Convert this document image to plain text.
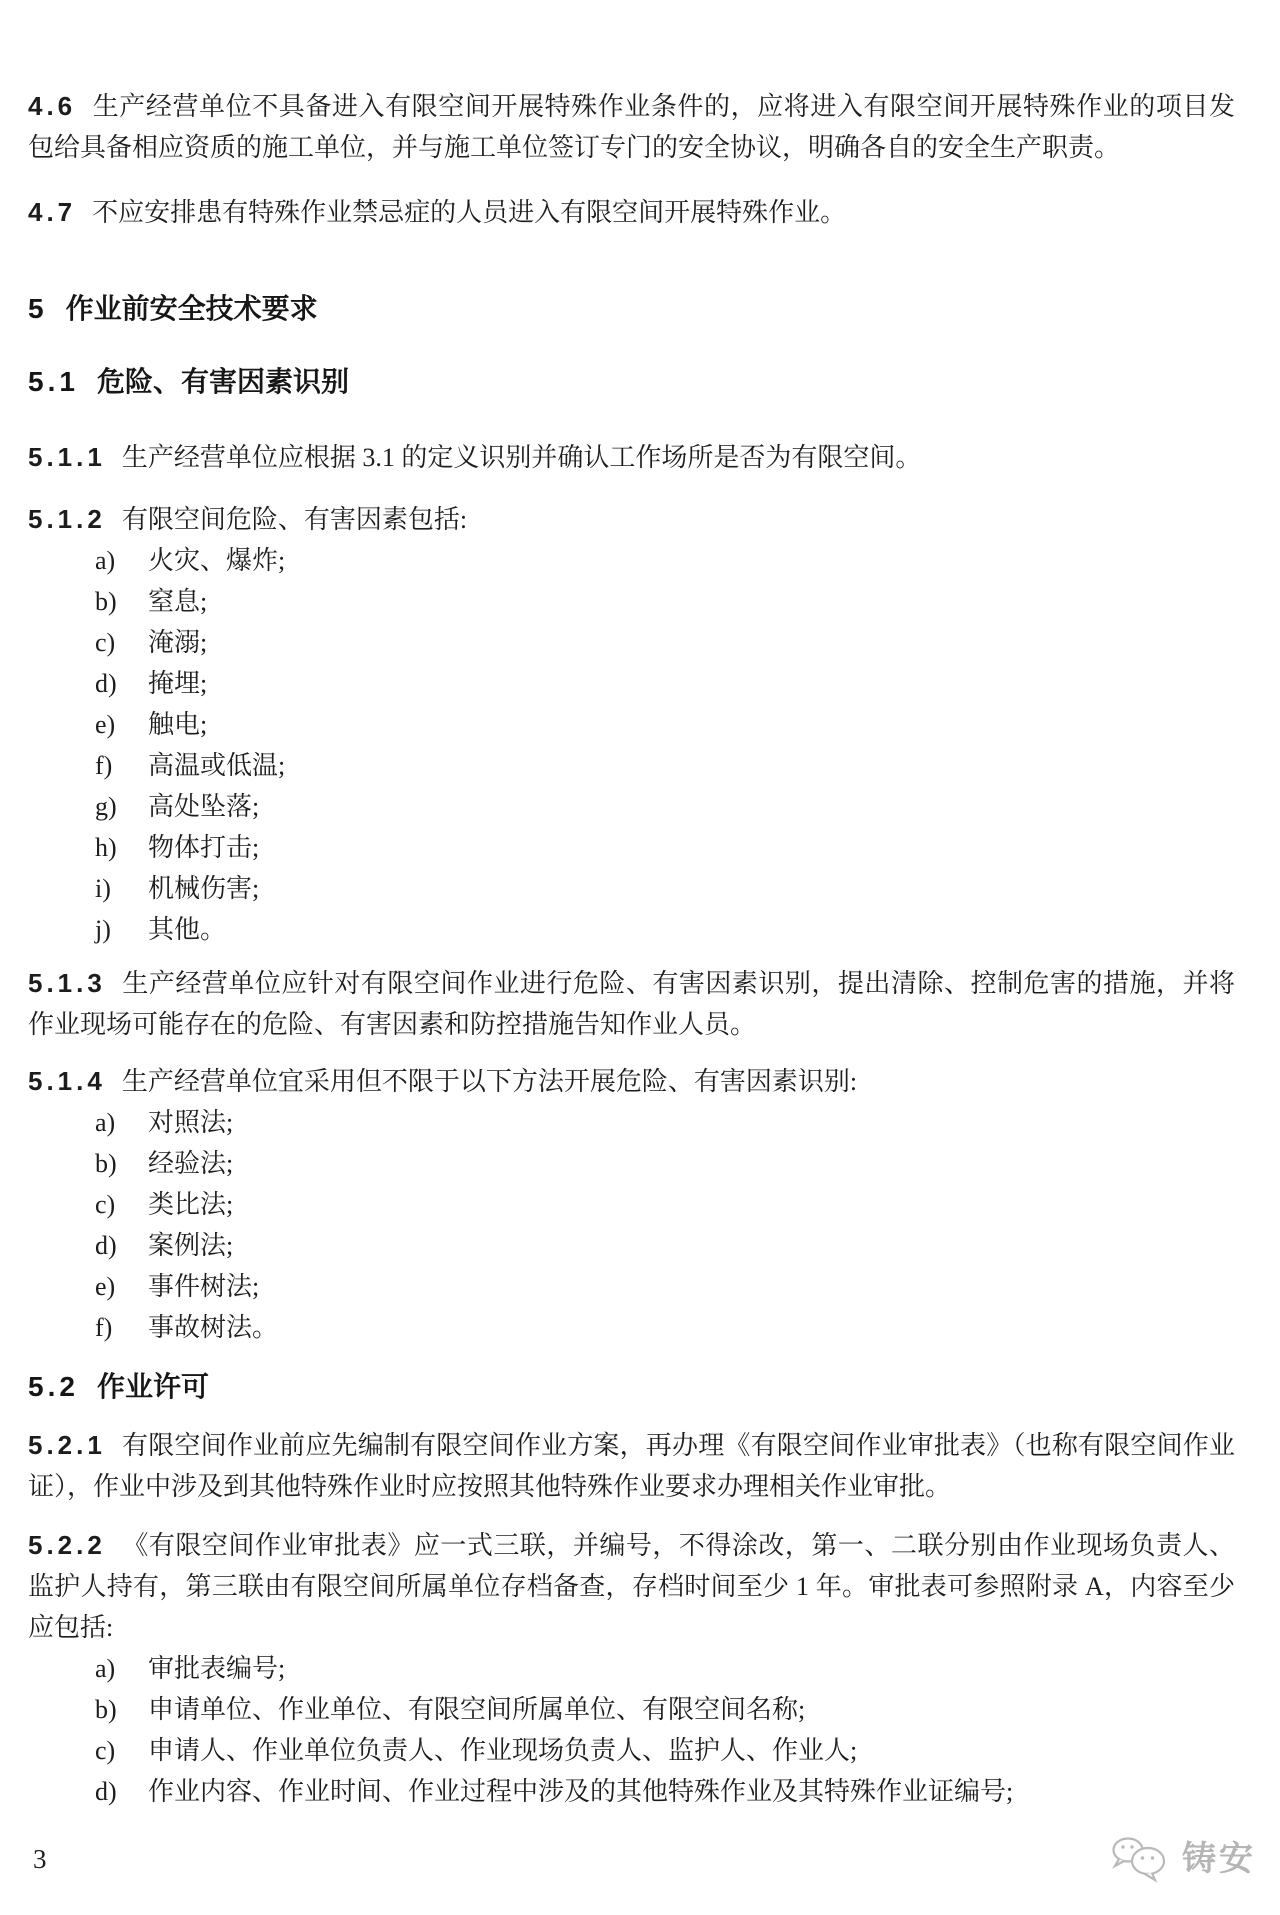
4.6 生产经营单位不具备进入有限空间开展特殊作业条件的，应将进入有限空间开展特殊作业的项目发包给具备相应资质的施工单位，并与施工单位签订专门的安全协议，明确各自的安全生产职责。

4.7 不应安排患有特殊作业禁忌症的人员进入有限空间开展特殊作业。

5 作业前安全技术要求
5.1 危险、有害因素识别

5.1.1 生产经营单位应根据 3.1 的定义识别并确认工作场所是否为有限空间。

5.1.2 有限空间危险、有害因素包括:

a) 火灾、爆炸;
b) 窒息;
c) 淹溺;
d) 掩埋;
e) 触电;
f) 高温或低温;
g) 高处坠落;
h) 物体打击;
i) 机械伤害;
j) 其他。

5.1.3 生产经营单位应针对有限空间作业进行危险、有害因素识别，提出清除、控制危害的措施，并将作业现场可能存在的危险、有害因素和防控措施告知作业人员。

5.1.4 生产经营单位宜采用但不限于以下方法开展危险、有害因素识别:

a) 对照法;
b) 经验法;
c) 类比法;
d) 案例法;
e) 事件树法;
f) 事故树法。
5.2 作业许可

5.2.1 有限空间作业前应先编制有限空间作业方案，再办理《有限空间作业审批表》（也称有限空间作业证），作业中涉及到其他特殊作业时应按照其他特殊作业要求办理相关作业审批。

5.2.2 《有限空间作业审批表》应一式三联，并编号，不得涂改，第一、二联分别由作业现场负责人、监护人持有，第三联由有限空间所属单位存档备查，存档时间至少 1 年。审批表可参照附录 A，内容至少应包括:

a) 审批表编号;
b) 申请单位、作业单位、有限空间所属单位、有限空间名称;
c) 申请人、作业单位负责人、作业现场负责人、监护人、作业人;
d) 作业内容、作业时间、作业过程中涉及的其他特殊作业及其特殊作业证编号;
3	铸安
